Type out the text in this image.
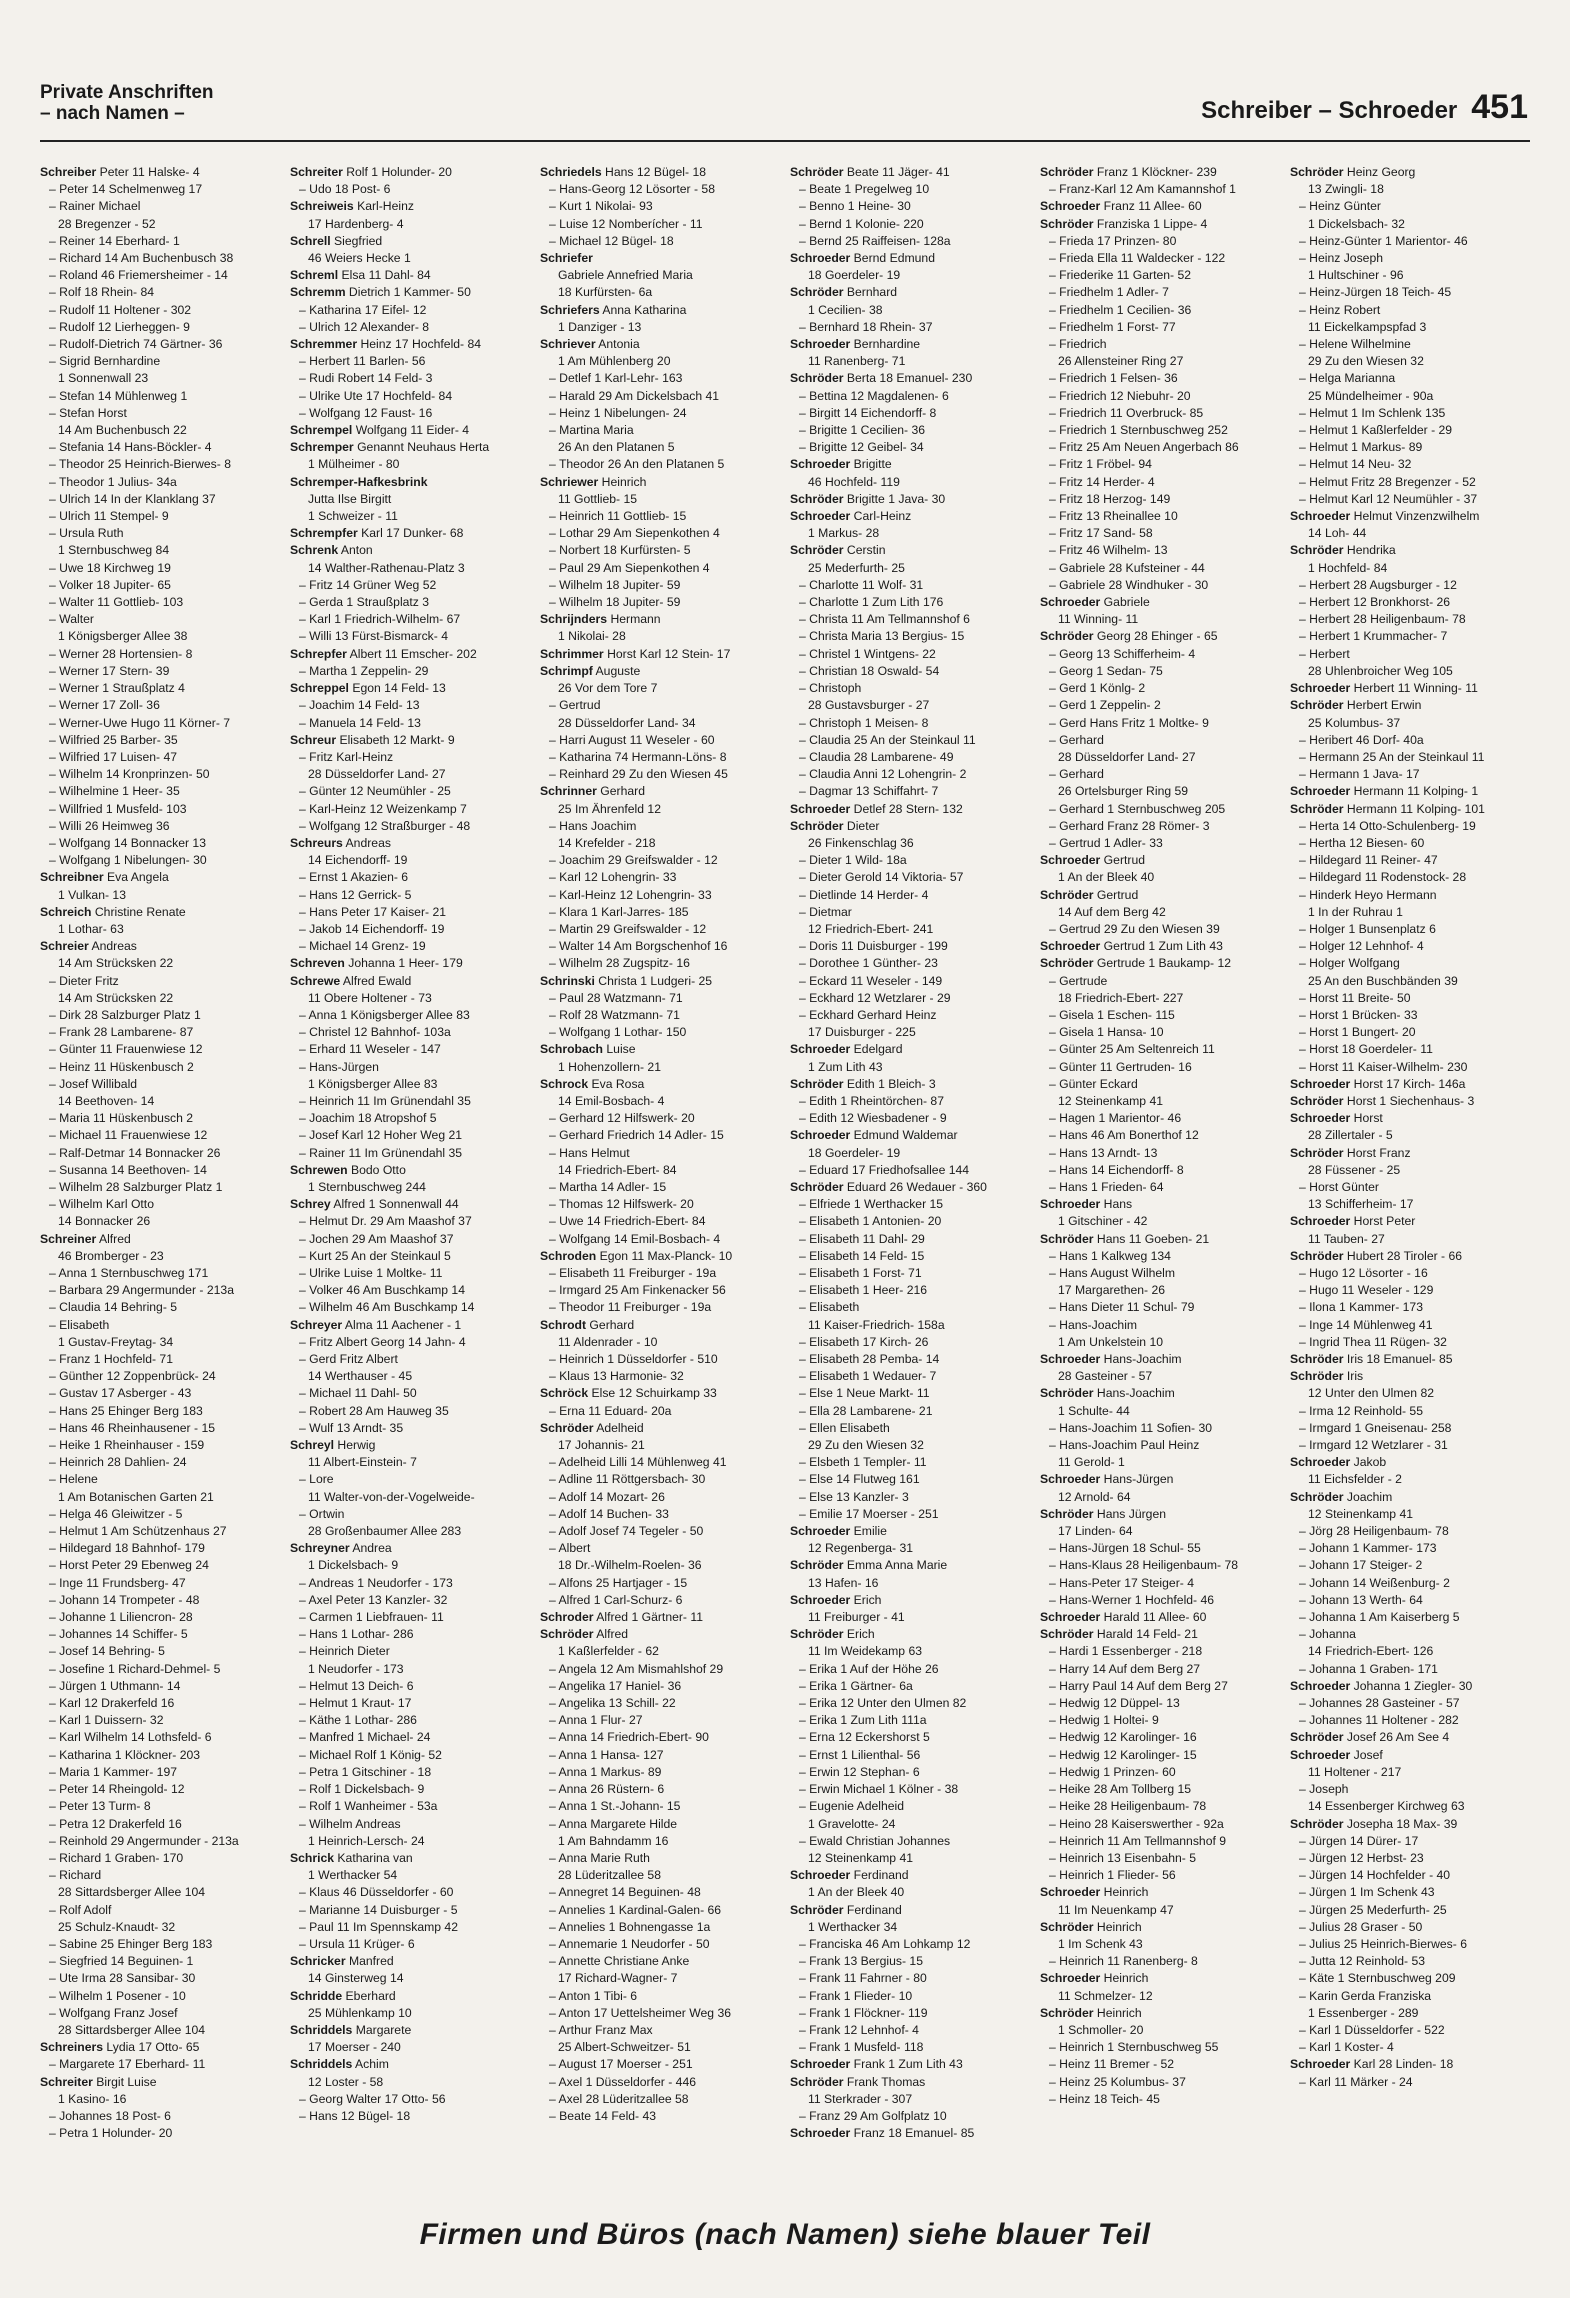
Private Anschriften
– nach Namen –	Schreiber – Schroeder 451
Schreiber Peter 11 Halske- 4
– Peter 14 Schelmenweg 17
– Rainer Michael
28 Bregenzer - 52
– Reiner 14 Eberhard- 1
– Richard 14 Am Buchenbusch 38
– Roland 46 Friemersheimer - 14
– Rolf 18 Rhein- 84
– Rudolf 11 Holtener - 302
– Rudolf 12 Lierheggen- 9
– Rudolf-Dietrich 74 Gärtner- 36
– Sigrid Bernhardine
1 Sonnenwall 23
– Stefan 14 Mühlenweg 1
– Stefan Horst
14 Am Buchenbusch 22
– Stefania 14 Hans-Böckler- 4
– Theodor 25 Heinrich-Bierwes- 8
– Theodor 1 Julius- 34a
– Ulrich 14 In der Klanklang 37
– Ulrich 11 Stempel- 9
– Ursula Ruth
1 Sternbuschweg 84
– Uwe 18 Kirchweg 19
– Volker 18 Jupiter- 65
– Walter 11 Gottlieb- 103
– Walter
1 Königsberger Allee 38
– Werner 28 Hortensien- 8
– Werner 17 Stern- 39
– Werner 1 Straußplatz 4
– Werner 17 Zoll- 36
– Werner-Uwe Hugo 11 Körner- 7
– Wilfried 25 Barber- 35
– Wilfried 17 Luisen- 47
– Wilhelm 14 Kronprinzen- 50
– Wilhelmine 1 Heer- 35
– Willfried 1 Musfeld- 103
– Willi 26 Heimweg 36
– Wolfgang 14 Bonnacker 13
– Wolfgang 1 Nibelungen- 30
Schreibner Eva Angela
1 Vulkan- 13
Schreich Christine Renate
1 Lothar- 63
Schreier Andreas
14 Am Strücksken 22
– Dieter Fritz
14 Am Strücksken 22
– Dirk 28 Salzburger Platz 1
– Frank 28 Lambarene- 87
– Günter 11 Frauenwiese 12
– Heinz 11 Hüskenbusch 2
– Josef Willibald
14 Beethoven- 14
– Maria 11 Hüskenbusch 2
– Michael 11 Frauenwiese 12
– Ralf-Detmar 14 Bonnacker 26
– Susanna 14 Beethoven- 14
– Wilhelm 28 Salzburger Platz 1
– Wilhelm Karl Otto
14 Bonnacker 26
Schreiner Alfred
46 Bromberger - 23
– Anna 1 Sternbuschweg 171
– Barbara 29 Angermunder - 213a
– Claudia 14 Behring- 5
– Elisabeth
1 Gustav-Freytag- 34
– Franz 1 Hochfeld- 71
– Günther 12 Zoppenbrück- 24
– Gustav 17 Asberger - 43
– Hans 25 Ehinger Berg 183
– Hans 46 Rheinhausener - 15
– Heike 1 Rheinhauser - 159
– Heinrich 28 Dahlien- 24
– Helene
1 Am Botanischen Garten 21
– Helga 46 Gleiwitzer - 5
– Helmut 1 Am Schützenhaus 27
– Hildegard 18 Bahnhof- 179
– Horst Peter 29 Ebenweg 24
– Inge 11 Frundsberg- 47
– Johann 14 Trompeter - 48
– Johanne 1 Liliencron- 28
– Johannes 14 Schiffer- 5
– Josef 14 Behring- 5
– Josefine 1 Richard-Dehmel- 5
– Jürgen 1 Uthmann- 14
– Karl 12 Drakerfeld 16
– Karl 1 Duissern- 32
– Karl Wilhelm 14 Lothsfeld- 6
– Katharina 1 Klöckner- 203
– Maria 1 Kammer- 197
– Peter 14 Rheingold- 12
– Peter 13 Turm- 8
– Petra 12 Drakerfeld 16
– Reinhold 29 Angermunder - 213a
– Richard 1 Graben- 170
– Richard
28 Sittardsberger Allee 104
– Rolf Adolf
25 Schulz-Knaudt- 32
– Sabine 25 Ehinger Berg 183
– Siegfried 14 Beguinen- 1
– Ute Irma 28 Sansibar- 30
– Wilhelm 1 Posener - 10
– Wolfgang Franz Josef
28 Sittardsberger Allee 104
Schreiners Lydia 17 Otto- 65
– Margarete 17 Eberhard- 11
Schreiter Birgit Luise
1 Kasino- 16
– Johannes 18 Post- 6
– Petra 1 Holunder- 20
Schreiter Rolf 1 Holunder- 20
– Udo 18 Post- 6
Schreiweis Karl-Heinz
17 Hardenberg- 4
Schrell Siegfried
46 Weiers Hecke 1
Schreml Elsa 11 Dahl- 84
Schremm Dietrich 1 Kammer- 50
– Katharina 17 Eifel- 12
– Ulrich 12 Alexander- 8
Schremmer Heinz 17 Hochfeld- 84
– Herbert 11 Barlen- 56
– Rudi Robert 14 Feld- 3
– Ulrike Ute 17 Hochfeld- 84
– Wolfgang 12 Faust- 16
Schrempel Wolfgang 11 Eider- 4
Schremper Genannt Neuhaus Herta
1 Mülheimer - 80
Schremper-Hafkesbrink
Jutta Ilse Birgitt
1 Schweizer - 11
Schrempfer Karl 17 Dunker- 68
Schrenk Anton
14 Walther-Rathenau-Platz 3
– Fritz 14 Grüner Weg 52
– Gerda 1 Straußplatz 3
– Karl 1 Friedrich-Wilhelm- 67
– Willi 13 Fürst-Bismarck- 4
Schrepfer Albert 11 Emscher- 202
– Martha 1 Zeppelin- 29
Schreppel Egon 14 Feld- 13
– Joachim 14 Feld- 13
– Manuela 14 Feld- 13
Schreur Elisabeth 12 Markt- 9
– Fritz Karl-Heinz
28 Düsseldorfer Land- 27
– Günter 12 Neumühler - 25
– Karl-Heinz 12 Weizenkamp 7
– Wolfgang 12 Straßburger - 48
Schreurs Andreas
14 Eichendorff- 19
– Ernst 1 Akazien- 6
– Hans 12 Gerrick- 5
– Hans Peter 17 Kaiser- 21
– Jakob 14 Eichendorff- 19
– Michael 14 Grenz- 19
Schreven Johanna 1 Heer- 179
Schrewe Alfred Ewald
11 Obere Holtener - 73
– Anna 1 Königsberger Allee 83
– Christel 12 Bahnhof- 103a
– Erhard 11 Weseler - 147
– Hans-Jürgen
1 Königsberger Allee 83
– Heinrich 11 Im Grünendahl 35
– Joachim 18 Atropshof 5
– Josef Karl 12 Hoher Weg 21
– Rainer 11 Im Grünendahl 35
Schrewen Bodo Otto
1 Sternbuschweg 244
Schrey Alfred 1 Sonnenwall 44
– Helmut Dr. 29 Am Maashof 37
– Jochen 29 Am Maashof 37
– Kurt 25 An der Steinkaul 5
– Ulrike Luise 1 Moltke- 11
– Volker 46 Am Buschkamp 14
– Wilhelm 46 Am Buschkamp 14
Schreyer Alma 11 Aachener - 1
– Fritz Albert Georg 14 Jahn- 4
– Gerd Fritz Albert
14 Werthauser - 45
– Michael 11 Dahl- 50
– Robert 28 Am Hauweg 35
– Wulf 13 Arndt- 35
Schreyl Herwig
11 Albert-Einstein- 7
– Lore
11 Walter-von-der-Vogelweide-
– Ortwin
28 Großenbaumer Allee 283
Schreyner Andrea
1 Dickelsbach- 9
– Andreas 1 Neudorfer - 173
– Axel Peter 13 Kanzler- 32
– Carmen 1 Liebfrauen- 11
– Hans 1 Lothar- 286
– Heinrich Dieter
1 Neudorfer - 173
– Helmut 13 Deich- 6
– Helmut 1 Kraut- 17
– Käthe 1 Lothar- 286
– Manfred 1 Michael- 24
– Michael Rolf 1 König- 52
– Petra 1 Gitschiner - 18
– Rolf 1 Dickelsbach- 9
– Rolf 1 Wanheimer - 53a
– Wilhelm Andreas
1 Heinrich-Lersch- 24
Schrick Katharina van
1 Werthacker 54
– Klaus 46 Düsseldorfer - 60
– Marianne 14 Duisburger - 5
– Paul 11 Im Spennskamp 42
– Ursula 11 Krüger- 6
Schricker Manfred
14 Ginsterweg 14
Schridde Eberhard
25 Mühlenkamp 10
Schriddels Margarete
17 Moerser - 240
Schriddels Achim
12 Loster - 58
– Georg Walter 17 Otto- 56
– Hans 12 Bügel- 18
Schriedels Hans 12 Bügel- 18
– Hans-Georg 12 Lösorter - 58
– Kurt 1 Nikolai- 93
– Luise 12 Nomberícher - 11
– Michael 12 Bügel- 18
Schriefer
Gabriele Annefried Maria
18 Kurfürsten- 6a
Schriefers Anna Katharina
1 Danziger - 13
Schriever Antonia
1 Am Mühlenberg 20
– Detlef 1 Karl-Lehr- 163
– Harald 29 Am Dickelsbach 41
– Heinz 1 Nibelungen- 24
– Martina Maria
26 An den Platanen 5
– Theodor 26 An den Platanen 5
Schriewer Heinrich
11 Gottlieb- 15
– Heinrich 11 Gottlieb- 15
– Lothar 29 Am Siepenkothen 4
– Norbert 18 Kurfürsten- 5
– Paul 29 Am Siepenkothen 4
– Wilhelm 18 Jupiter- 59
– Wilhelm 18 Jupiter- 59
Schrijnders Hermann
1 Nikolai- 28
Schrimmer Horst Karl 12 Stein- 17
Schrimpf Auguste
26 Vor dem Tore 7
– Gertrud
28 Düsseldorfer Land- 34
– Harri August 11 Weseler - 60
– Katharina 74 Hermann-Löns- 8
– Reinhard 29 Zu den Wiesen 45
Schrinner Gerhard
25 Im Ährenfeld 12
– Hans Joachim
14 Krefelder - 218
– Joachim 29 Greifswalder - 12
– Karl 12 Lohengrin- 33
– Karl-Heinz 12 Lohengrin- 33
– Klara 1 Karl-Jarres- 185
– Martin 29 Greifswalder - 12
– Walter 14 Am Borgschenhof 16
– Wilhelm 28 Zugspitz- 16
Schrinski Christa 1 Ludgeri- 25
– Paul 28 Watzmann- 71
– Rolf 28 Watzmann- 71
– Wolfgang 1 Lothar- 150
Schrobach Luise
1 Hohenzollern- 21
Schrock Eva Rosa
14 Emil-Bosbach- 4
– Gerhard 12 Hilfswerk- 20
– Gerhard Friedrich 14 Adler- 15
– Hans Helmut
14 Friedrich-Ebert- 84
– Martha 14 Adler- 15
– Thomas 12 Hilfswerk- 20
– Uwe 14 Friedrich-Ebert- 84
– Wolfgang 14 Emil-Bosbach- 4
Schroden Egon 11 Max-Planck- 10
– Elisabeth 11 Freiburger - 19a
– Irmgard 25 Am Finkenacker 56
– Theodor 11 Freiburger - 19a
Schrodt Gerhard
11 Aldenrader - 10
– Heinrich 1 Düsseldorfer - 510
– Klaus 13 Harmonie- 32
Schröck Else 12 Schuirkamp 33
– Erna 11 Eduard- 20a
Schröder Adelheid
17 Johannis- 21
– Adelheid Lilli 14 Mühlenweg 41
– Adline 11 Röttgersbach- 30
– Adolf 14 Mozart- 26
– Adolf 14 Buchen- 33
– Adolf Josef 74 Tegeler - 50
– Albert
18 Dr.-Wilhelm-Roelen- 36
– Alfons 25 Hartjager - 15
– Alfred 1 Carl-Schurz- 6
Schroder Alfred 1 Gärtner- 11
Schröder Alfred
1 Kaßlerfelder - 62
– Angela 12 Am Mismahlshof 29
– Angelika 17 Haniel- 36
– Angelika 13 Schill- 22
– Anna 1 Flur- 27
– Anna 14 Friedrich-Ebert- 90
– Anna 1 Hansa- 127
– Anna 1 Markus- 89
– Anna 26 Rüstern- 6
– Anna 1 St.-Johann- 15
– Anna Margarete Hilde
1 Am Bahndamm 16
– Anna Marie Ruth
28 Lüderitzallee 58
– Annegret 14 Beguinen- 48
– Annelies 1 Kardinal-Galen- 66
– Annelies 1 Bohnengasse 1a
– Annemarie 1 Neudorfer - 50
– Annette Christiane Anke
17 Richard-Wagner- 7
– Anton 1 Tibi- 6
– Anton 17 Uettelsheimer Weg 36
– Arthur Franz Max
25 Albert-Schweitzer- 51
– August 17 Moerser - 251
– Axel 1 Düsseldorfer - 446
– Axel 28 Lüderitzallee 58
– Beate 14 Feld- 43
Schröder Beate 11 Jäger- 41
– Beate 1 Pregelweg 10
– Benno 1 Heine- 30
– Bernd 1 Kolonie- 220
– Bernd 25 Raiffeisen- 128a
Schroeder Bernd Edmund
18 Goerdeler- 19
Schröder Bernhard
1 Cecilien- 38
– Bernhard 18 Rhein- 37
Schroeder Bernhardine
11 Ranenberg- 71
Schröder Berta 18 Emanuel- 230
– Bettina 12 Magdalenen- 6
– Birgitt 14 Eichendorff- 8
– Brigitte 1 Cecilien- 36
– Brigitte 12 Geibel- 34
Schroeder Brigitte
46 Hochfeld- 119
Schröder Brigitte 1 Java- 30
Schroeder Carl-Heinz
1 Markus- 28
Schröder Cerstin
25 Mederfurth- 25
– Charlotte 11 Wolf- 31
– Charlotte 1 Zum Lith 176
– Christa 11 Am Tellmannshof 6
– Christa Maria 13 Bergius- 15
– Christel 1 Wintgens- 22
– Christian 18 Oswald- 54
– Christoph
28 Gustavsburger - 27
– Christoph 1 Meisen- 8
– Claudia 25 An der Steinkaul 11
– Claudia 28 Lambarene- 49
– Claudia Anni 12 Lohengrin- 2
– Dagmar 13 Schiffahrt- 7
Schroeder Detlef 28 Stern- 132
Schröder Dieter
26 Finkenschlag 36
– Dieter 1 Wild- 18a
– Dieter Gerold 14 Viktoria- 57
– Dietlinde 14 Herder- 4
– Dietmar
12 Friedrich-Ebert- 241
– Doris 11 Duisburger - 199
– Dorothee 1 Günther- 23
– Eckard 11 Weseler - 149
– Eckhard 12 Wetzlarer - 29
– Eckhard Gerhard Heinz
17 Duisburger - 225
Schroeder Edelgard
1 Zum Lith 43
Schröder Edith 1 Bleich- 3
– Edith 1 Rheintörchen- 87
– Edith 12 Wiesbadener - 9
Schroeder Edmund Waldemar
18 Goerdeler- 19
– Eduard 17 Friedhofsallee 144
Schröder Eduard 26 Wedauer - 360
– Elfriede 1 Werthacker 15
– Elisabeth 1 Antonien- 20
– Elisabeth 11 Dahl- 29
– Elisabeth 14 Feld- 15
– Elisabeth 1 Forst- 71
– Elisabeth 1 Heer- 216
– Elisabeth
11 Kaiser-Friedrich- 158a
– Elisabeth 17 Kirch- 26
– Elisabeth 28 Pemba- 14
– Elisabeth 1 Wedauer- 7
– Else 1 Neue Markt- 11
– Ella 28 Lambarene- 21
– Ellen Elisabeth
29 Zu den Wiesen 32
– Elsbeth 1 Templer- 11
– Else 14 Flutweg 161
– Else 13 Kanzler- 3
– Emilie 17 Moerser - 251
Schroeder Emilie
12 Regenberga- 31
Schröder Emma Anna Marie
13 Hafen- 16
Schroeder Erich
11 Freiburger - 41
Schröder Erich
11 Im Weidekamp 63
– Erika 1 Auf der Höhe 26
– Erika 1 Gärtner- 6a
– Erika 12 Unter den Ulmen 82
– Erika 1 Zum Lith 111a
– Erna 12 Eckershorst 5
– Ernst 1 Lilienthal- 56
– Erwin 12 Stephan- 6
– Erwin Michael 1 Kölner - 38
– Eugenie Adelheid
1 Gravelotte- 24
– Ewald Christian Johannes
12 Steinenkamp 41
Schroeder Ferdinand
1 An der Bleek 40
Schröder Ferdinand
1 Werthacker 34
– Franciska 46 Am Lohkamp 12
– Frank 13 Bergius- 15
– Frank 11 Fahrner - 80
– Frank 1 Flieder- 10
– Frank 1 Flöckner- 119
– Frank 12 Lehnhof- 4
– Frank 1 Musfeld- 118
Schroeder Frank 1 Zum Lith 43
Schröder Frank Thomas
11 Sterkrader - 307
– Franz 29 Am Golfplatz 10
Schroeder Franz 18 Emanuel- 85
Schröder Franz 1 Klöckner- 239
– Franz-Karl 12 Am Kamannshof 1
Schroeder Franz 11 Allee- 60
Schröder Franziska 1 Lippe- 4
– Frieda 17 Prinzen- 80
– Frieda Ella 11 Waldecker - 122
– Friederike 11 Garten- 52
– Friedhelm 1 Adler- 7
– Friedhelm 1 Cecilien- 36
– Friedhelm 1 Forst- 77
– Friedrich
26 Allensteiner Ring 27
– Friedrich 1 Felsen- 36
– Friedrich 12 Niebuhr- 20
– Friedrich 11 Overbruck- 85
– Friedrich 1 Sternbuschweg 252
– Fritz 25 Am Neuen Angerbach 86
– Fritz 1 Fröbel- 94
– Fritz 14 Herder- 4
– Fritz 18 Herzog- 149
– Fritz 13 Rheinallee 10
– Fritz 17 Sand- 58
– Fritz 46 Wilhelm- 13
– Gabriele 28 Kufsteiner - 44
– Gabriele 28 Windhuker - 30
Schroeder Gabriele
11 Winning- 11
Schröder Georg 28 Ehinger - 65
– Georg 13 Schifferheim- 4
– Georg 1 Sedan- 75
– Gerd 1 Könlg- 2
– Gerd 1 Zeppelin- 2
– Gerd Hans Fritz 1 Moltke- 9
– Gerhard
28 Düsseldorfer Land- 27
– Gerhard
26 Ortelsburger Ring 59
– Gerhard 1 Sternbuschweg 205
– Gerhard Franz 28 Römer- 3
– Gertrud 1 Adler- 33
Schroeder Gertrud
1 An der Bleek 40
Schröder Gertrud
14 Auf dem Berg 42
– Gertrud 29 Zu den Wiesen 39
Schroeder Gertrud 1 Zum Lith 43
Schröder Gertrude 1 Baukamp- 12
– Gertrude
18 Friedrich-Ebert- 227
– Gisela 1 Eschen- 115
– Gisela 1 Hansa- 10
– Günter 25 Am Seltenreich 11
– Günter 11 Gertruden- 16
– Günter Eckard
12 Steinenkamp 41
– Hagen 1 Marientor- 46
– Hans 46 Am Bonerthof 12
– Hans 13 Arndt- 13
– Hans 14 Eichendorff- 8
– Hans 1 Frieden- 64
Schroeder Hans
1 Gitschiner - 42
Schröder Hans 11 Goeben- 21
– Hans 1 Kalkweg 134
– Hans August Wilhelm
17 Margarethen- 26
– Hans Dieter 11 Schul- 79
– Hans-Joachim
1 Am Unkelstein 10
Schroeder Hans-Joachim
28 Gasteiner - 57
Schröder Hans-Joachim
1 Schulte- 44
– Hans-Joachim 11 Sofien- 30
– Hans-Joachim Paul Heinz
11 Gerold- 1
Schroeder Hans-Jürgen
12 Arnold- 64
Schröder Hans Jürgen
17 Linden- 64
– Hans-Jürgen 18 Schul- 55
– Hans-Klaus 28 Heiligenbaum- 78
– Hans-Peter 17 Steiger- 4
– Hans-Werner 1 Hochfeld- 46
Schroeder Harald 11 Allee- 60
Schröder Harald 14 Feld- 21
– Hardi 1 Essenberger - 218
– Harry 14 Auf dem Berg 27
– Harry Paul 14 Auf dem Berg 27
– Hedwig 12 Düppel- 13
– Hedwig 1 Holtei- 9
– Hedwig 12 Karolinger- 16
– Hedwig 12 Karolinger- 15
– Hedwig 1 Prinzen- 60
– Heike 28 Am Tollberg 15
– Heike 28 Heiligenbaum- 78
– Heino 28 Kaiserswerther - 92a
– Heinrich 11 Am Tellmannshof 9
– Heinrich 13 Eisenbahn- 5
– Heinrich 1 Flieder- 56
Schroeder Heinrich
11 Im Neuenkamp 47
Schröder Heinrich
1 Im Schenk 43
– Heinrich 11 Ranenberg- 8
Schroeder Heinrich
11 Schmelzer- 12
Schröder Heinrich
1 Schmoller- 20
– Heinrich 1 Sternbuschweg 55
– Heinz 11 Bremer - 52
– Heinz 25 Kolumbus- 37
– Heinz 18 Teich- 45
Schröder Heinz Georg
13 Zwingli- 18
– Heinz Günter
1 Dickelsbach- 32
– Heinz-Günter 1 Marientor- 46
– Heinz Joseph
1 Hultschiner - 96
– Heinz-Jürgen 18 Teich- 45
– Heinz Robert
11 Eickelkampspfad 3
– Helene Wilhelmine
29 Zu den Wiesen 32
– Helga Marianna
25 Mündelheimer - 90a
– Helmut 1 Im Schlenk 135
– Helmut 1 Kaßlerfelder - 29
– Helmut 1 Markus- 89
– Helmut 14 Neu- 32
– Helmut Fritz 28 Bregenzer - 52
– Helmut Karl 12 Neumühler - 37
Schroeder Helmut Vinzenzwilhelm
14 Loh- 44
Schröder Hendrika
1 Hochfeld- 84
– Herbert 28 Augsburger - 12
– Herbert 12 Bronkhorst- 26
– Herbert 28 Heiligenbaum- 78
– Herbert 1 Krummacher- 7
– Herbert
28 Uhlenbroicher Weg 105
Schroeder Herbert 11 Winning- 11
Schröder Herbert Erwin
25 Kolumbus- 37
– Heribert 46 Dorf- 40a
– Hermann 25 An der Steinkaul 11
– Hermann 1 Java- 17
Schroeder Hermann 11 Kolping- 1
Schröder Hermann 11 Kolping- 101
– Herta 14 Otto-Schulenberg- 19
– Hertha 12 Biesen- 60
– Hildegard 11 Reiner- 47
– Hildegard 11 Rodenstock- 28
– Hinderk Heyo Hermann
1 In der Ruhrau 1
– Holger 1 Bunsenplatz 6
– Holger 12 Lehnhof- 4
– Holger Wolfgang
25 An den Buschbänden 39
– Horst 11 Breite- 50
– Horst 1 Brücken- 33
– Horst 1 Bungert- 20
– Horst 18 Goerdeler- 11
– Horst 11 Kaiser-Wilhelm- 230
Schroeder Horst 17 Kirch- 146a
Schröder Horst 1 Siechenhaus- 3
Schroeder Horst
28 Zillertaler - 5
Schröder Horst Franz
28 Füssener - 25
– Horst Günter
13 Schifferheim- 17
Schroeder Horst Peter
11 Tauben- 27
Schröder Hubert 28 Tiroler - 66
– Hugo 12 Lösorter - 16
– Hugo 11 Weseler - 129
– Ilona 1 Kammer- 173
– Inge 14 Mühlenweg 41
– Ingrid Thea 11 Rügen- 32
Schröder Iris 18 Emanuel- 85
Schröder Iris
12 Unter den Ulmen 82
– Irma 12 Reinhold- 55
– Irmgard 1 Gneisenau- 258
– Irmgard 12 Wetzlarer - 31
Schroeder Jakob
11 Eichsfelder - 2
Schröder Joachim
12 Steinenkamp 41
– Jörg 28 Heiligenbaum- 78
– Johann 1 Kammer- 173
– Johann 17 Steiger- 2
– Johann 14 Weißenburg- 2
– Johann 13 Werth- 64
– Johanna 1 Am Kaiserberg 5
– Johanna
14 Friedrich-Ebert- 126
– Johanna 1 Graben- 171
Schroeder Johanna 1 Ziegler- 30
– Johannes 28 Gasteiner - 57
– Johannes 11 Holtener - 282
Schröder Josef 26 Am See 4
Schroeder Josef
11 Holtener - 217
– Joseph
14 Essenberger Kirchweg 63
Schröder Josepha 18 Max- 39
– Jürgen 14 Dürer- 17
– Jürgen 12 Herbst- 23
– Jürgen 14 Hochfelder - 40
– Jürgen 1 Im Schenk 43
– Jürgen 25 Mederfurth- 25
– Julius 28 Graser - 50
– Julius 25 Heinrich-Bierwes- 6
– Jutta 12 Reinhold- 53
– Käte 1 Sternbuschweg 209
– Karin Gerda Franziska
1 Essenberger - 289
– Karl 1 Düsseldorfer - 522
– Karl 1 Koster- 4
Schroeder Karl 28 Linden- 18
– Karl 11 Märker - 24
Firmen und Büros (nach Namen) siehe blauer Teil
